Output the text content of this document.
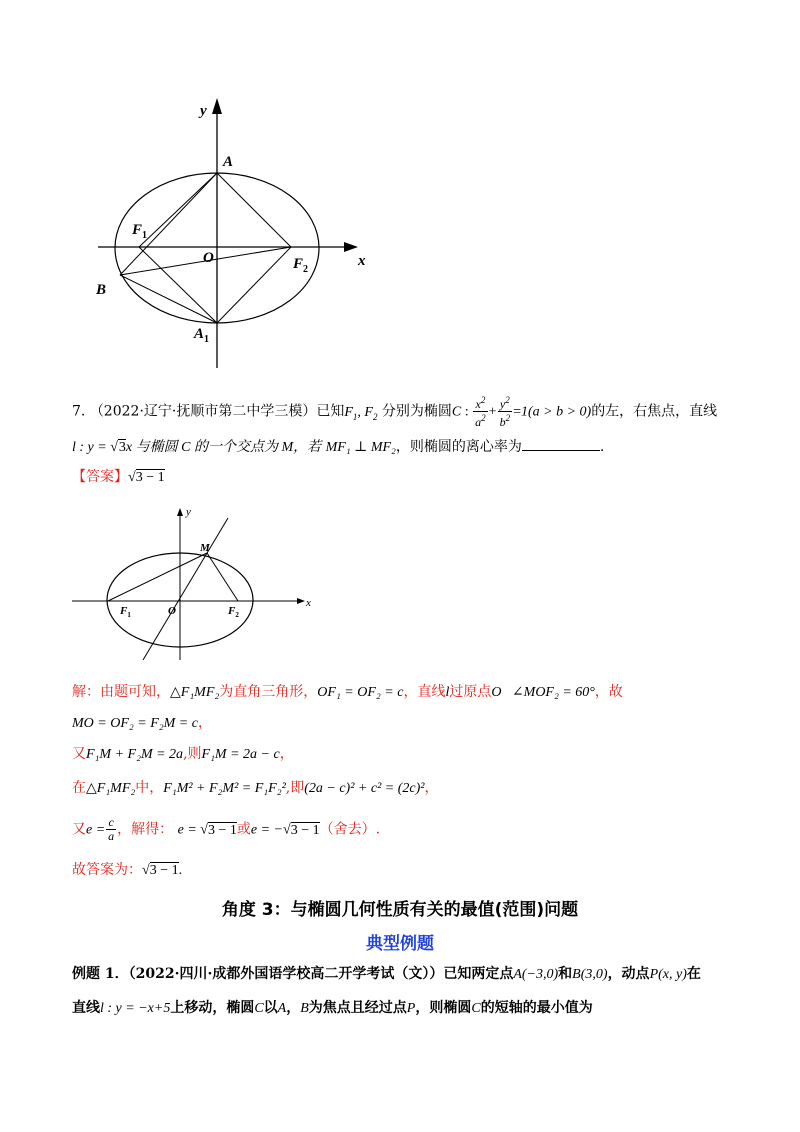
y
x
A
$F_1$
O	$F_2$
B
$A_1$
7. （2022·辽宁·抚顺市第二中学三模）已知$F_1$, $F_2$ 分别为椭圆C : $\frac{x^2}{a^2} + \frac{y^2}{b^2} =1(a > b > 0)$的左，右焦点，直线
l : y = √3x 与椭圆 C 的一个交点为 M，若 MF₁ ⊥ MF₂，则椭圆的离心率为	.
【答案】√3 − 1
y
x
M
$F_1$	O	$F_2$
解：由题可知，△F₁MF₂为直角三角形，OF₁ = OF₂ = c，直线l过原点O ∠MOF₂ = 60°，故
MO = OF₂ = F₂M = c，
又F₁M + F₂M = 2a,则F₁M = 2a − c，
在△F₁MF₂中，F₁M² + F₂M² = F₁F₂²,即(2a − c)² + c² = (2c)²，
又$e = \frac{c}{a}$ ，解得： e = √3 − 1或e = −√3 − 1（舍去）.
故答案为：√3 − 1.
角度 3：与椭圆几何性质有关的最值(范围)问题
典型例题
例题 1．（2022·四川·成都外国语学校高二开学考试（文））已知两定点A(−3,0)和B(3,0)，动点P(x, y)在
直线l : y = −x+5上移动，椭圆C以A，B为焦点且经过点P，则椭圆C的短轴的最小值为
